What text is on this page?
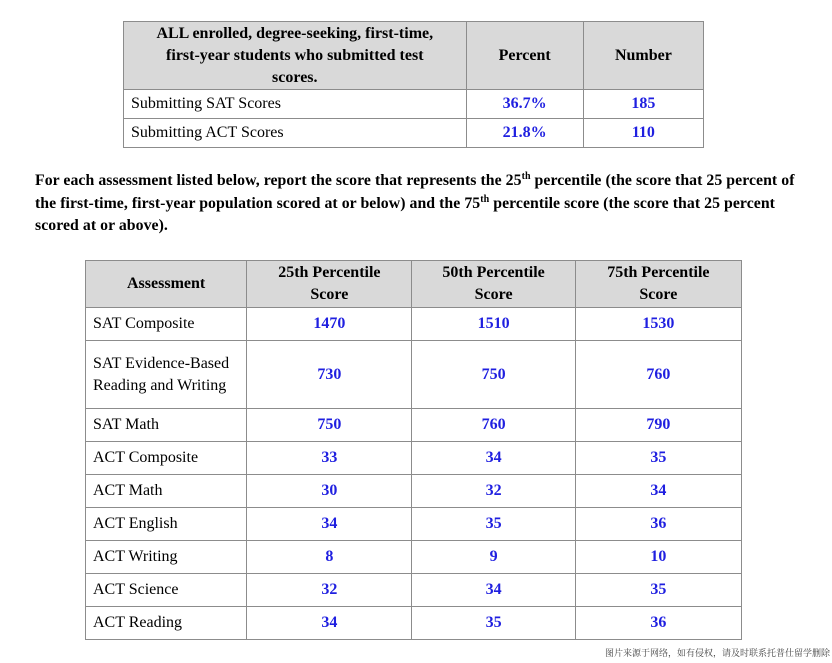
ALL enrolled, degree-seeking, first-time, first-year students who submitted test scores.	Percent	Number
Submitting SAT Scores	36.7%	185
Submitting ACT Scores	21.8%	110

For each assessment listed below, report the score that represents the 25th percentile (the score that 25 percent of the first-time, first-year population scored at or below) and the 75th percentile score (the score that 25 percent scored at or above).

Assessment	25th Percentile Score	50th Percentile Score	75th Percentile Score
SAT Composite	1470	1510	1530
SAT Evidence-Based Reading and Writing	730	750	760
SAT Math	750	760	790
ACT Composite	33	34	35
ACT Math	30	32	34
ACT English	34	35	36
ACT Writing	8	9	10
ACT Science	32	34	35
ACT Reading	34	35	36
图片来源于网络，如有侵权，请及时联系托普仕留学删除
